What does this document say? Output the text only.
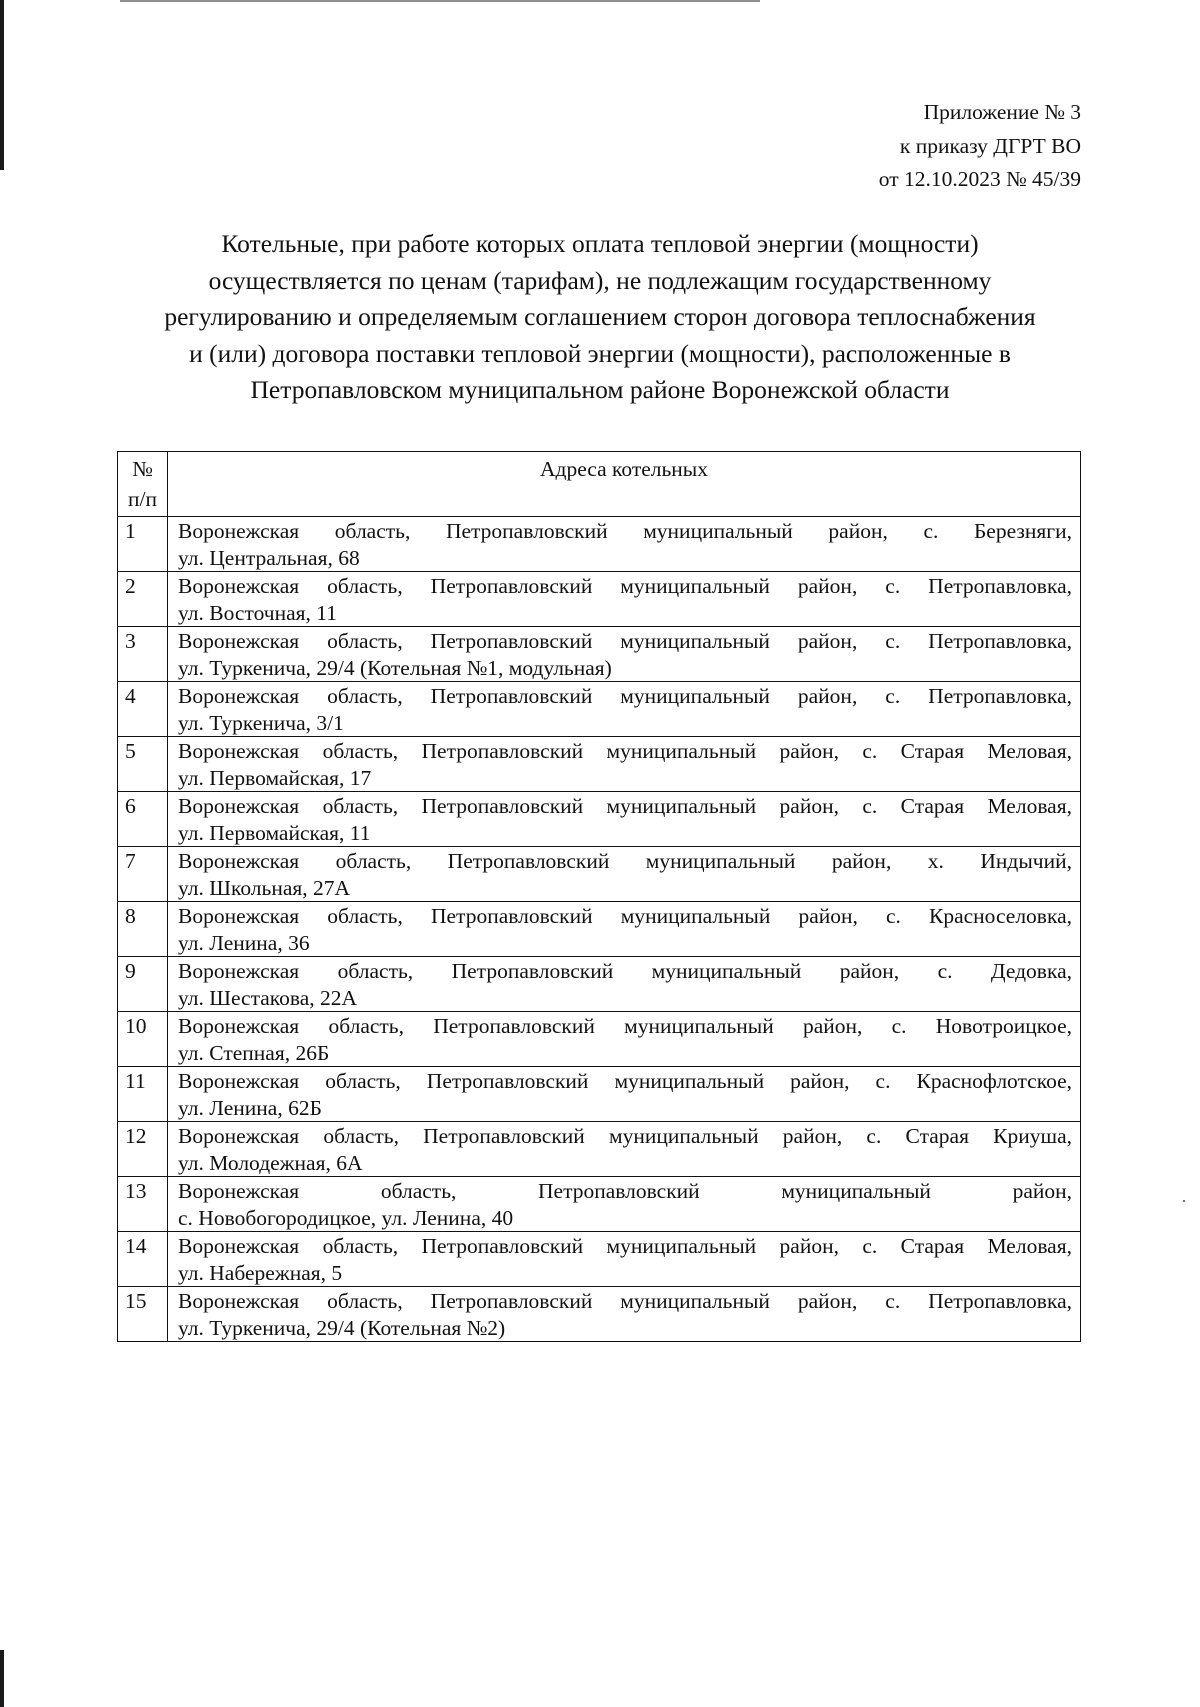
Приложение № 3
к приказу ДГРТ ВО
от 12.10.2023 № 45/39
Котельные, при работе которых оплата тепловой энергии (мощности)
осуществляется по ценам (тарифам), не подлежащим государственному
регулированию и определяемым соглашением сторон договора теплоснабжения
и (или) договора поставки тепловой энергии (мощности), расположенные в
Петропавловском муниципальном районе Воронежской области
№
п/п	Адреса котельных
1	Воронежская область, Петропавловский муниципальный район, с. Березняги,
ул. Центральная, 68

2	Воронежская область, Петропавловский муниципальный район, с. Петропавловка,
ул. Восточная, 11

3	Воронежская область, Петропавловский муниципальный район, с. Петропавловка,
ул. Туркенича, 29/4 (Котельная №1, модульная)

4	Воронежская область, Петропавловский муниципальный район, с. Петропавловка,
ул. Туркенича, 3/1

5	Воронежская область, Петропавловский муниципальный район, с. Старая Меловая,
ул. Первомайская, 17

6	Воронежская область, Петропавловский муниципальный район, с. Старая Меловая,
ул. Первомайская, 11

7	Воронежская область, Петропавловский муниципальный район, х. Индычий,
ул. Школьная, 27А

8	Воронежская область, Петропавловский муниципальный район, с. Красноселовка,
ул. Ленина, 36

9	Воронежская область, Петропавловский муниципальный район, с. Дедовка,
ул. Шестакова, 22А

10	Воронежская область, Петропавловский муниципальный район, с. Новотроицкое,
ул. Степная, 26Б

11	Воронежская область, Петропавловский муниципальный район, с. Краснофлотское,
ул. Ленина, 62Б

12	Воронежская область, Петропавловский муниципальный район, с. Старая Криуша,
ул. Молодежная, 6А

13	Воронежская область, Петропавловский муниципальный район,
с. Новобогородицкое, ул. Ленина, 40

14	Воронежская область, Петропавловский муниципальный район, с. Старая Меловая,
ул. Набережная, 5

15	Воронежская область, Петропавловский муниципальный район, с. Петропавловка,
ул. Туркенича, 29/4 (Котельная №2)
